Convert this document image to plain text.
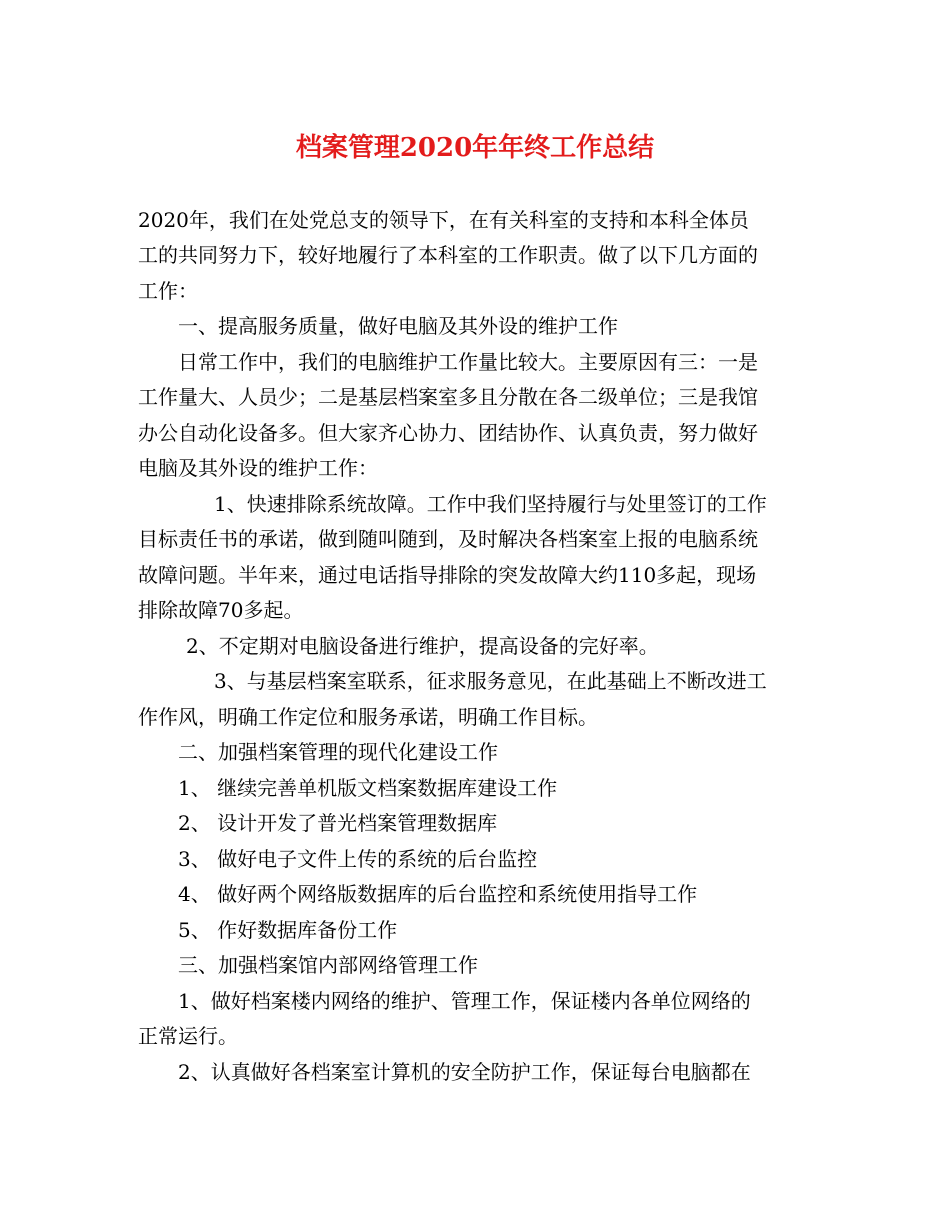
档案管理2020年年终工作总结
2020年，我们在处党总支的领导下，在有关科室的支持和本科全体员
工的共同努力下，较好地履行了本科室的工作职责。做了以下几方面的
工作：
一、提高服务质量，做好电脑及其外设的维护工作
日常工作中，我们的电脑维护工作量比较大。主要原因有三：一是
工作量大、人员少；二是基层档案室多且分散在各二级单位；三是我馆
办公自动化设备多。但大家齐心协力、团结协作、认真负责，努力做好
电脑及其外设的维护工作：
1、快速排除系统故障。工作中我们坚持履行与处里签订的工作
目标责任书的承诺，做到随叫随到，及时解决各档案室上报的电脑系统
故障问题。半年来，通过电话指导排除的突发故障大约110多起，现场
排除故障70多起。
2、不定期对电脑设备进行维护，提高设备的完好率。
3、与基层档案室联系，征求服务意见，在此基础上不断改进工
作作风，明确工作定位和服务承诺，明确工作目标。
二、加强档案管理的现代化建设工作
1、 继续完善单机版文档案数据库建设工作
2、 设计开发了普光档案管理数据库
3、 做好电子文件上传的系统的后台监控
4、 做好两个网络版数据库的后台监控和系统使用指导工作
5、 作好数据库备份工作
三、加强档案馆内部网络管理工作
1、做好档案楼内网络的维护、管理工作，保证楼内各单位网络的
正常运行。
2、认真做好各档案室计算机的安全防护工作，保证每台电脑都在
